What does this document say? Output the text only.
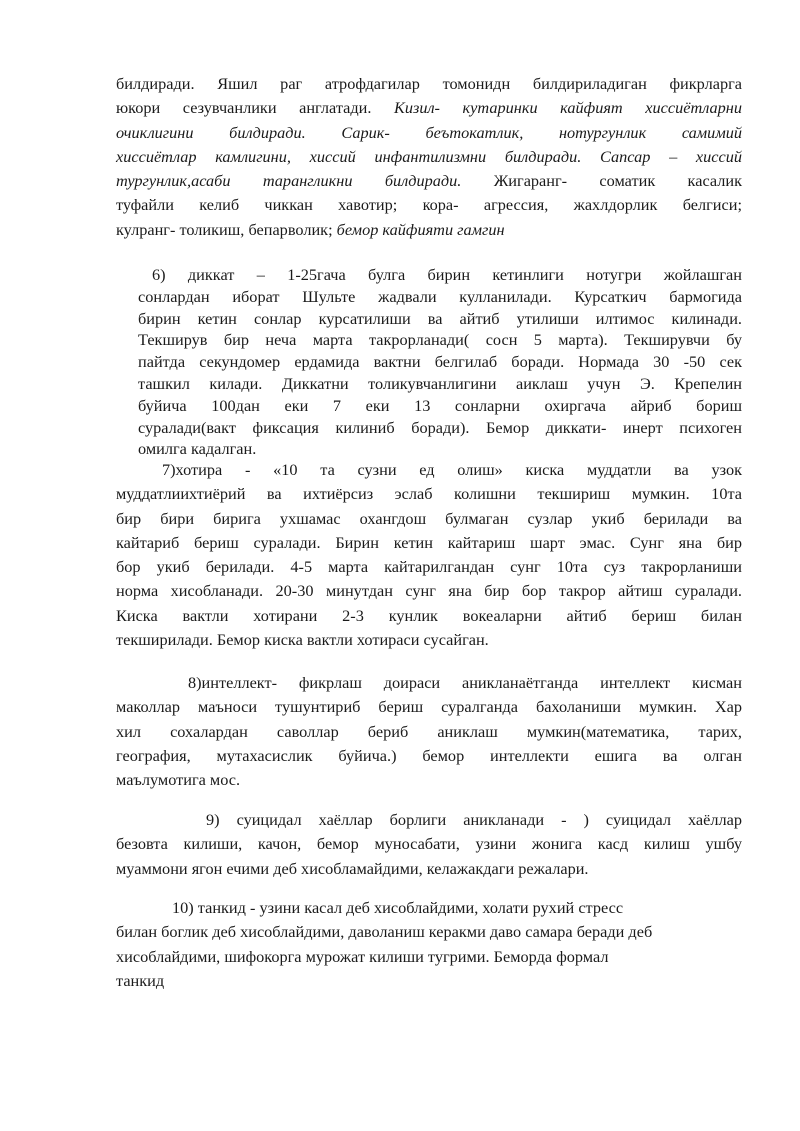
билдиради. Яшил раг атрофдагилар томонидн билдириладиган фикрларга
юкори сезувчанлики англатади. Кизил- кутаринки кайфият хиссиётларни
очиклигини билдиради. Сарик- беътокатлик, нотургунлик самимий
хиссиётлар камлигини, хиссий инфантилизмни билдиради. Сапсар – хиссий
тургунлик,асаби тарангликни билдиради. Жигаранг- соматик касалик
туфайли келиб чиккан хавотир; кора- агрессия, жахлдорлик белгиси;
кулранг- толикиш, бепарволик; бемор кайфияти гамгин
6) диккат – 1-25гача булга бирин кетинлиги нотугри жойлашган
сонлардан иборат Шульте жадвали кулланилади. Курсаткич бармогида
бирин кетин сонлар курсатилиши ва айтиб утилиши илтимос килинади.
Текширув бир неча марта такрорланади( сосн 5 марта). Текширувчи бу
пайтда секундомер ердамида вактни белгилаб боради. Нормада 30 -50 сек
ташкил килади. Диккатни толикувчанлигини аиклаш учун Э. Крепелин
буйича 100дан еки 7 еки 13 сонларни охиргача айриб бориш
суралади(вакт фиксация килиниб боради). Бемор диккати- инерт психоген
омилга кадалган.
7)хотира - «10 та сузни ед олиш» киска муддатли ва узок
муддатлиихтиёрий ва ихтиёрсиз эслаб колишни текшириш мумкин. 10та
бир бири бирига ухшамас охангдош булмаган сузлар укиб берилади ва
кайтариб бериш суралади. Бирин кетин кайтариш шарт эмас. Сунг яна бир
бор укиб берилади. 4-5 марта кайтарилгандан сунг 10та суз такрорланиши
норма хисобланади. 20-30 минутдан сунг яна бир бор такрор айтиш суралади.
Киска вактли хотирани 2-3 кунлик вокеаларни айтиб бериш билан
текширилади. Бемор киска вактли хотираси сусайган.
8)интеллект- фикрлаш доираси аникланаётганда интеллект кисман
маколлар маъноси тушунтириб бериш суралганда бахоланиши мумкин. Хар
хил сохалардан саволлар бериб аниклаш мумкин(математика, тарих,
география, мутахасислик буйича.) бемор интеллекти ешига ва олган
маълумотига мос.
9) суицидал хаёллар борлиги аникланади - ) суицидал хаёллар
безовта килиши, качон, бемор муносабати, узини жонига касд килиш ушбу
муаммони ягон ечими деб хисобламайдими, келажакдаги режалари.
10) танкид - узини касал деб хисоблайдими, холати рухий стресс
билан боглик деб хисоблайдими, даволаниш керакми даво самара беради деб
хисоблайдими, шифокорга мурожат килиши тугрими. Беморда формал
танкид
